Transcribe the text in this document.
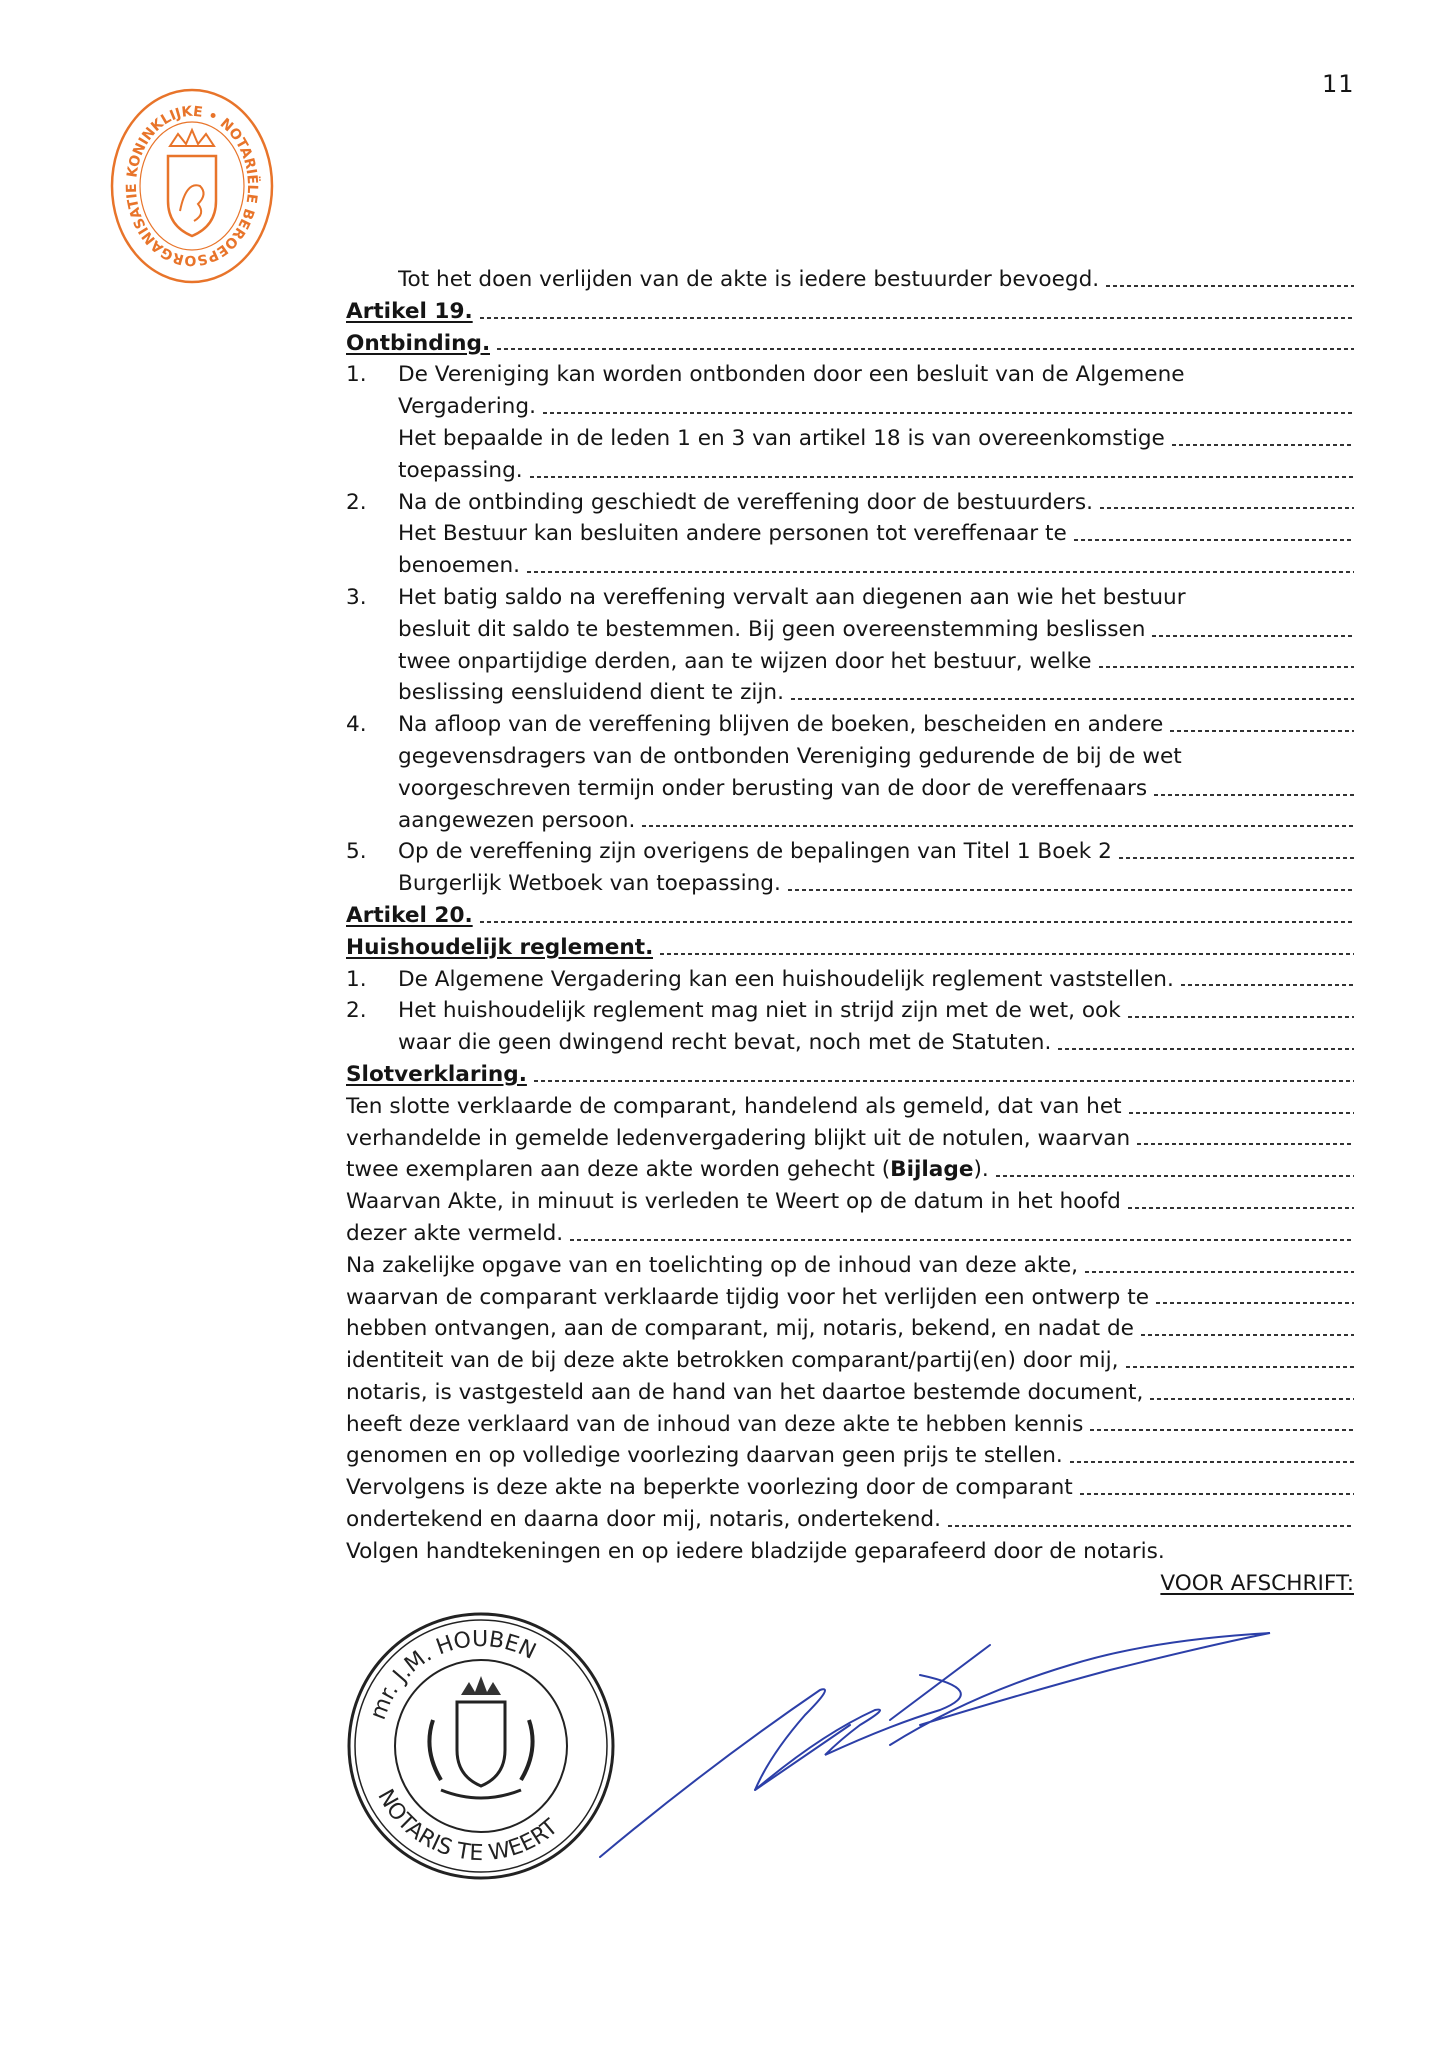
11
KONINKLIJKE • NOTARIËLE BEROEPSORGANISATIE
Tot het doen verlijden van de akte is iedere bestuurder bevoegd.
Artikel 19.
Ontbinding.
1.	De Vereniging kan worden ontbonden door een besluit van de Algemene
Vergadering.
Het bepaalde in de leden 1 en 3 van artikel 18 is van overeenkomstige
toepassing.
2.	Na de ontbinding geschiedt de vereffening door de bestuurders.
Het Bestuur kan besluiten andere personen tot vereffenaar te
benoemen.
3.	Het batig saldo na vereffening vervalt aan diegenen aan wie het bestuur
besluit dit saldo te bestemmen. Bij geen overeenstemming beslissen
twee onpartijdige derden, aan te wijzen door het bestuur, welke
beslissing eensluidend dient te zijn.
4.	Na afloop van de vereffening blijven de boeken, bescheiden en andere
gegevensdragers van de ontbonden Vereniging gedurende de bij de wet
voorgeschreven termijn onder berusting van de door de vereffenaars
aangewezen persoon.
5.	Op de vereffening zijn overigens de bepalingen van Titel 1 Boek 2
Burgerlijk Wetboek van toepassing.
Artikel 20.
Huishoudelijk reglement.
1.	De Algemene Vergadering kan een huishoudelijk reglement vaststellen.
2.	Het huishoudelijk reglement mag niet in strijd zijn met de wet, ook
waar die geen dwingend recht bevat, noch met de Statuten.
Slotverklaring.
Ten slotte verklaarde de comparant, handelend als gemeld, dat van het
verhandelde in gemelde ledenvergadering blijkt uit de notulen, waarvan
twee exemplaren aan deze akte worden gehecht (Bijlage).
Waarvan Akte, in minuut is verleden te Weert op de datum in het hoofd
dezer akte vermeld.
Na zakelijke opgave van en toelichting op de inhoud van deze akte,
waarvan de comparant verklaarde tijdig voor het verlijden een ontwerp te
hebben ontvangen, aan de comparant, mij, notaris, bekend, en nadat de
identiteit van de bij deze akte betrokken comparant/partij(en) door mij,
notaris, is vastgesteld aan de hand van het daartoe bestemde document,
heeft deze verklaard van de inhoud van deze akte te hebben kennis
genomen en op volledige voorlezing daarvan geen prijs te stellen.
Vervolgens is deze akte na beperkte voorlezing door de comparant
ondertekend en daarna door mij, notaris, ondertekend.
Volgen handtekeningen en op iedere bladzijde geparafeerd door de notaris.
VOOR AFSCHRIFT:
mr. J.M. HOUBEN
NOTARIS TE WEERT
